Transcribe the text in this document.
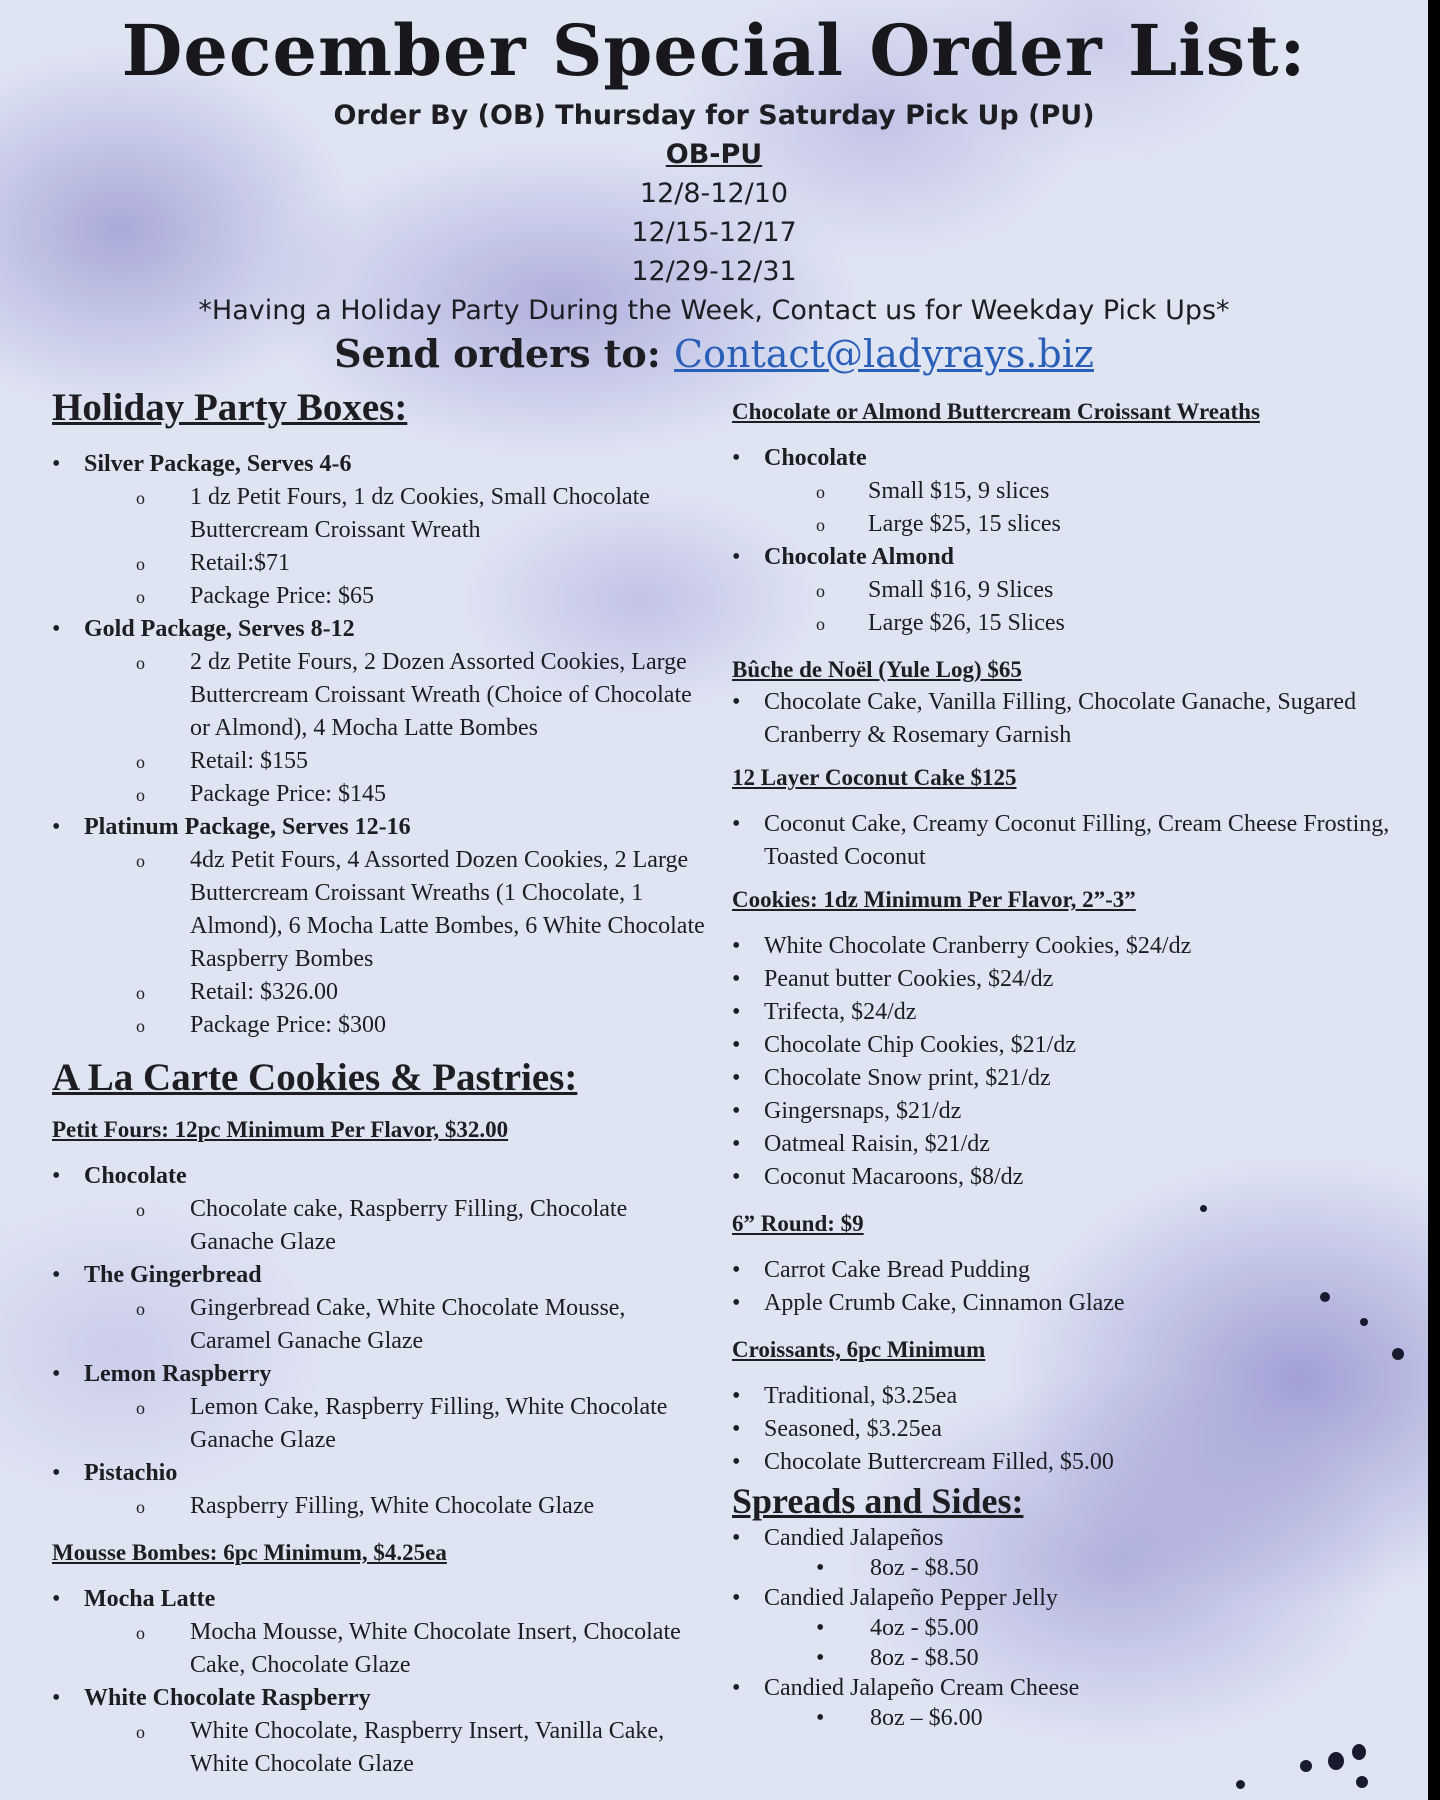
December Special Order List:
Order By (OB) Thursday for Saturday Pick Up (PU)
OB-PU
12/8-12/10
12/15-12/17
12/29-12/31
*Having a Holiday Party During the Week, Contact us for Weekday Pick Ups*
Send orders to: Contact@ladyrays.biz
Holiday Party Boxes:
• Silver Package, Serves 4-6
o 1 dz Petit Fours, 1 dz Cookies, Small Chocolate Buttercream Croissant Wreath
o Retail:$71
o Package Price: $65
• Gold Package, Serves 8-12
o 2 dz Petite Fours, 2 Dozen Assorted Cookies, Large Buttercream Croissant Wreath (Choice of Chocolate or Almond), 4 Mocha Latte Bombes
o Retail: $155
o Package Price: $145
• Platinum Package, Serves 12-16
o 4dz Petit Fours, 4 Assorted Dozen Cookies, 2 Large Buttercream Croissant Wreaths (1 Chocolate, 1 Almond), 6 Mocha Latte Bombes, 6 White Chocolate Raspberry Bombes
o Retail: $326.00
o Package Price: $300
A La Carte Cookies & Pastries:
Petit Fours: 12pc Minimum Per Flavor, $32.00
• Chocolate
o Chocolate cake, Raspberry Filling, Chocolate Ganache Glaze
• The Gingerbread
o Gingerbread Cake, White Chocolate Mousse, Caramel Ganache Glaze
• Lemon Raspberry
o Lemon Cake, Raspberry Filling, White Chocolate Ganache Glaze
• Pistachio
o Raspberry Filling, White Chocolate Glaze
Mousse Bombes: 6pc Minimum, $4.25ea
• Mocha Latte
o Mocha Mousse, White Chocolate Insert, Chocolate Cake, Chocolate Glaze
• White Chocolate Raspberry
o White Chocolate, Raspberry Insert, Vanilla Cake, White Chocolate Glaze
Chocolate or Almond Buttercream Croissant Wreaths
• Chocolate
o Small $15, 9 slices
o Large $25, 15 slices
• Chocolate Almond
o Small $16, 9 Slices
o Large $26, 15 Slices
Bûche de Noël (Yule Log) $65
• Chocolate Cake, Vanilla Filling, Chocolate Ganache, Sugared Cranberry & Rosemary Garnish
12 Layer Coconut Cake $125
• Coconut Cake, Creamy Coconut Filling, Cream Cheese Frosting, Toasted Coconut
Cookies: 1dz Minimum Per Flavor, 2”-3”
• White Chocolate Cranberry Cookies, $24/dz
• Peanut butter Cookies, $24/dz
• Trifecta, $24/dz
• Chocolate Chip Cookies, $21/dz
• Chocolate Snow print, $21/dz
• Gingersnaps, $21/dz
• Oatmeal Raisin, $21/dz
• Coconut Macaroons, $8/dz
6” Round: $9
• Carrot Cake Bread Pudding
• Apple Crumb Cake, Cinnamon Glaze
Croissants, 6pc Minimum
• Traditional, $3.25ea
• Seasoned, $3.25ea
• Chocolate Buttercream Filled, $5.00
Spreads and Sides:
• Candied Jalapeños
• 8oz - $8.50
• Candied Jalapeño Pepper Jelly
• 4oz - $5.00
• 8oz - $8.50
• Candied Jalapeño Cream Cheese
• 8oz – $6.00
